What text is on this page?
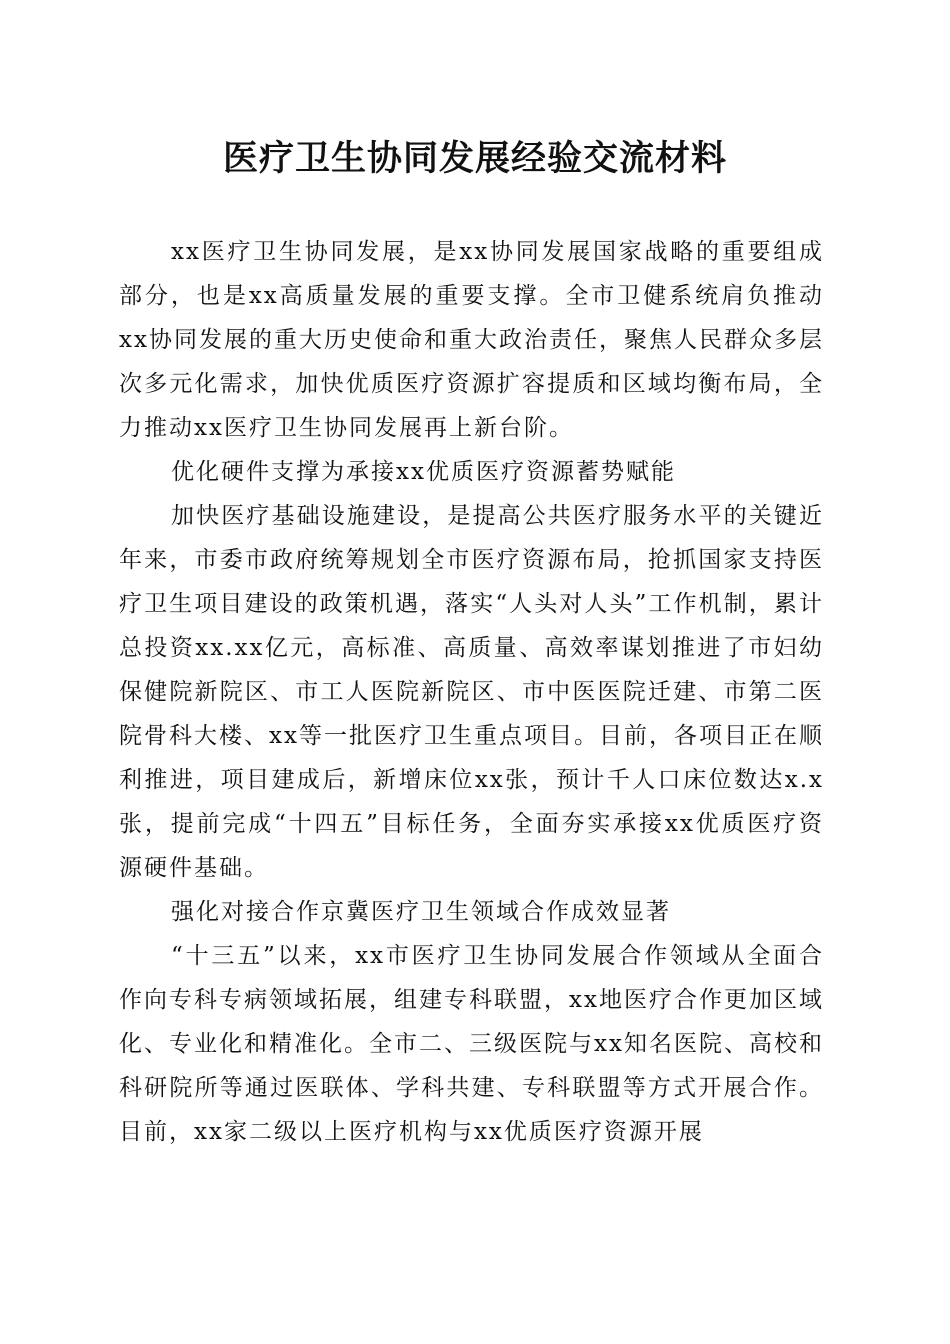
医疗卫生协同发展经验交流材料

xx医疗卫生协同发展，是xx协同发展国家战略的重要组成部分，也是xx高质量发展的重要支撑。全市卫健系统肩负推动xx协同发展的重大历史使命和重大政治责任，聚焦人民群众多层次多元化需求，加快优质医疗资源扩容提质和区域均衡布局，全力推动xx医疗卫生协同发展再上新台阶。

优化硬件支撑为承接xx优质医疗资源蓄势赋能

加快医疗基础设施建设，是提高公共医疗服务水平的关键近年来，市委市政府统筹规划全市医疗资源布局，抢抓国家支持医疗卫生项目建设的政策机遇，落实“人头对人头”工作机制，累计总投资xx.xx亿元，高标准、高质量、高效率谋划推进了市妇幼保健院新院区、市工人医院新院区、市中医医院迁建、市第二医院骨科大楼、xx等一批医疗卫生重点项目。目前，各项目正在顺利推进，项目建成后，新增床位xx张，预计千人口床位数达x.x张，提前完成“十四五”目标任务，全面夯实承接xx优质医疗资源硬件基础。

强化对接合作京冀医疗卫生领域合作成效显著

“十三五”以来，xx市医疗卫生协同发展合作领域从全面合作向专科专病领域拓展，组建专科联盟，xx地医疗合作更加区域化、专业化和精准化。全市二、三级医院与xx知名医院、高校和科研院所等通过医联体、学科共建、专科联盟等方式开展合作。目前，xx家二级以上医疗机构与xx优质医疗资源开展
